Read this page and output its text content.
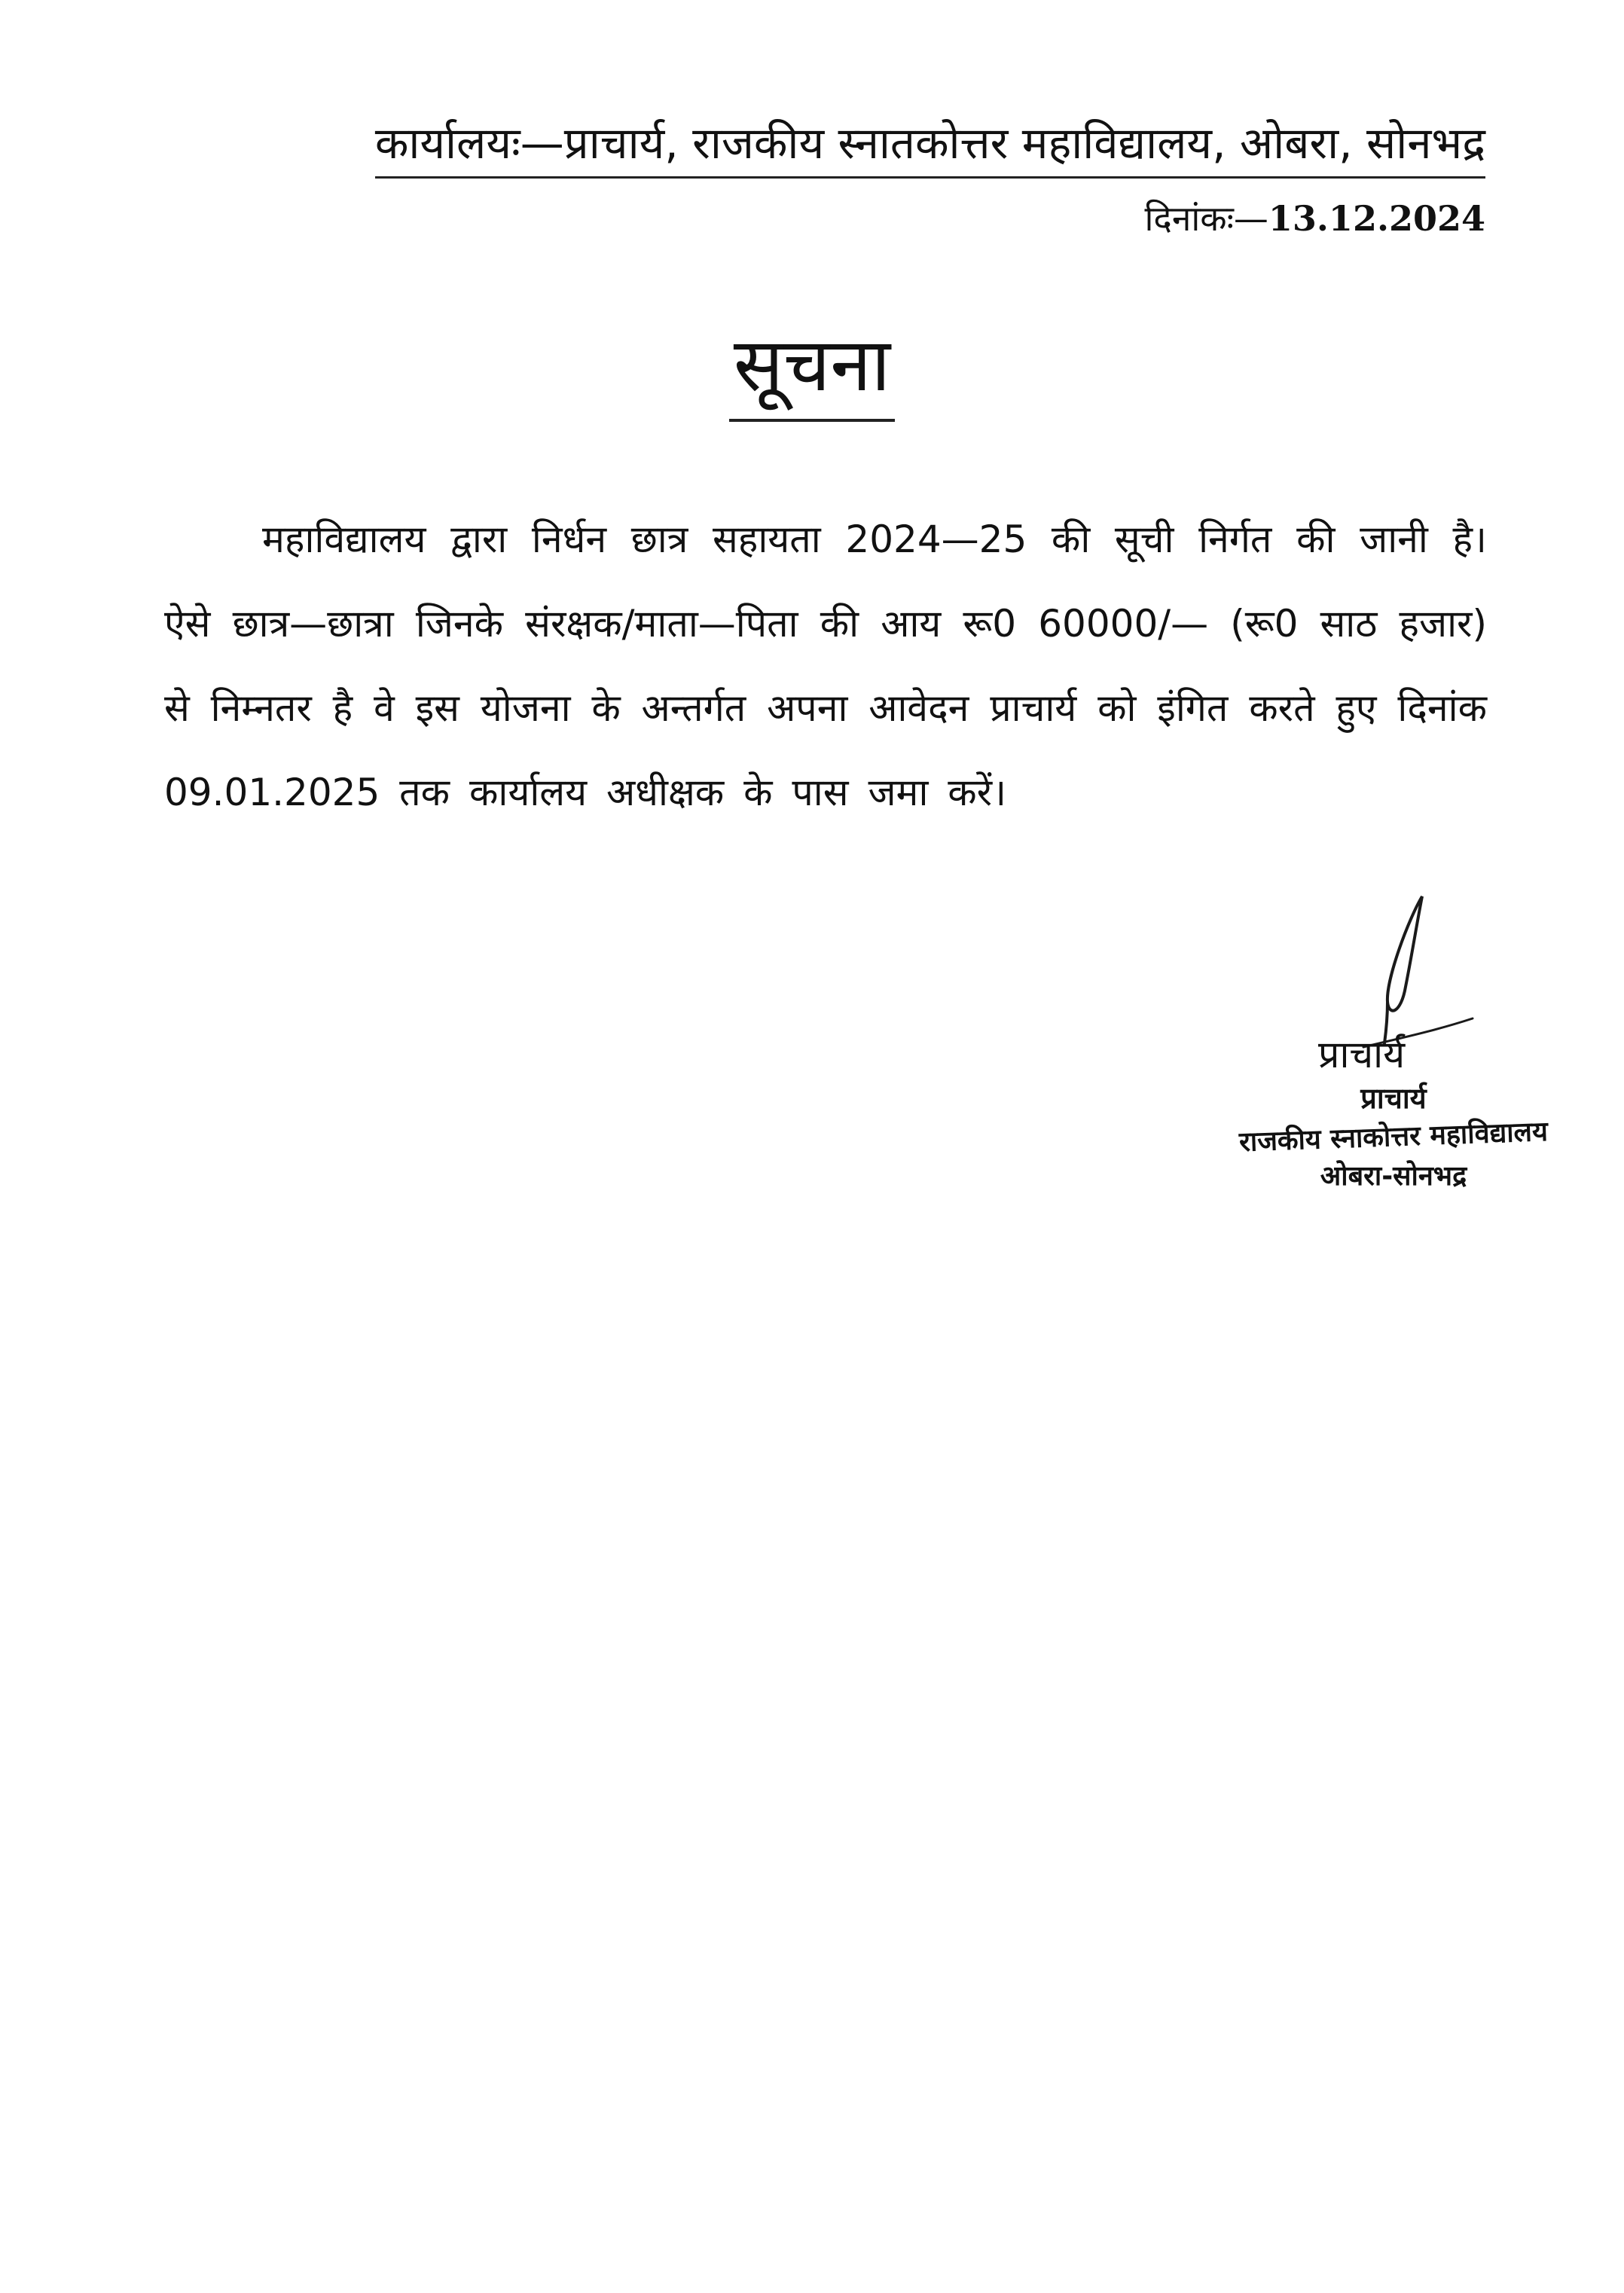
कार्यालयः—प्राचार्य, राजकीय स्नातकोत्तर महाविद्यालय, ओबरा, सोनभद्र
दिनांकः—13.12.2024
सूचना
महाविद्यालय द्वारा निर्धन छात्र सहायता 2024—25 की सूची निर्गत की जानी है। ऐसे छात्र—छात्रा जिनके संरक्षक/माता—पिता की आय रू0 60000/— (रू0 साठ हजार) से निम्नतर है वे इस योजना के अन्तर्गत अपना आवेदन प्राचार्य को इंगित करते हुए दिनांक 09.01.2025 तक कार्यालय अधीक्षक के पास जमा करें।
प्राचार्य
प्राचार्य
राजकीय स्नाकोत्तर महाविद्यालय
ओबरा-सोनभद्र
